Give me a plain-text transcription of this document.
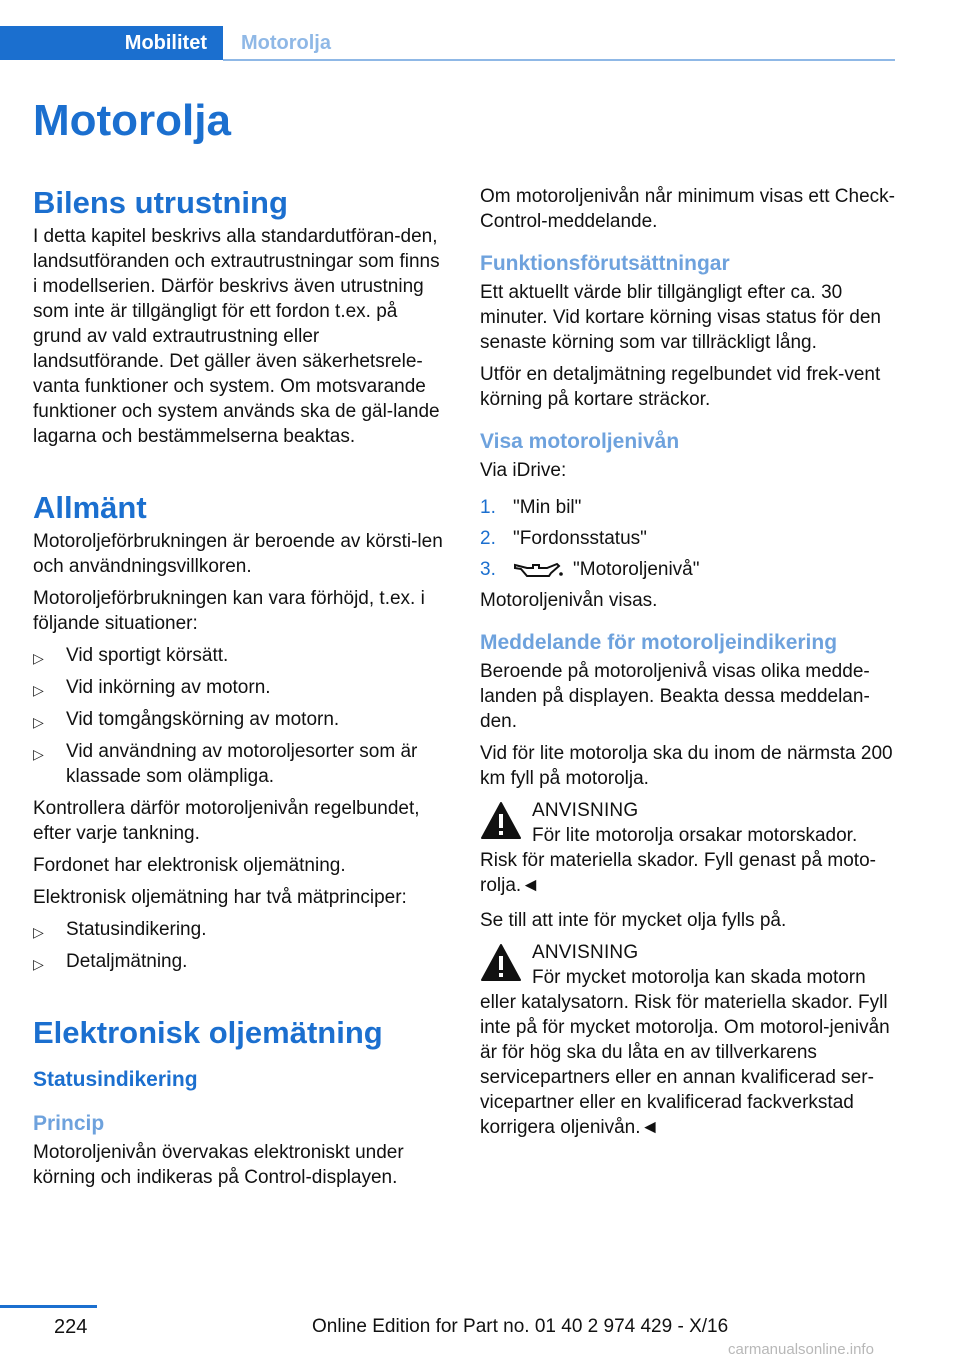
Mobilitet Motorolja
Motorolja
Bilens utrustning

I detta kapitel beskrivs alla standardutföran-den, landsutföranden och extrautrustningar som finns i modellserien. Därför beskrivs även utrustning som inte är tillgängligt för ett fordon t.ex. på grund av vald extrautrustning eller landsutförande. Det gäller även säkerhetsrele-vanta funktioner och system. Om motsvarande funktioner och system används ska de gäl-lande lagarna och bestämmelserna beaktas.

Allmänt

Motoroljeförbrukningen är beroende av körsti-len och användningsvillkoren.

Motoroljeförbrukningen kan vara förhöjd, t.ex. i följande situationer:

▷ Vid sportigt körsätt.
▷ Vid inkörning av motorn.
▷ Vid tomgångskörning av motorn.
▷ Vid användning av motoroljesorter som är klassade som olämpliga.

Kontrollera därför motoroljenivån regelbundet, efter varje tankning.

Fordonet har elektronisk oljemätning.

Elektronisk oljemätning har två mätprinciper:

▷ Statusindikering.
▷ Detaljmätning.
Elektronisk oljemätning
Statusindikering
Princip

Motoroljenivån övervakas elektroniskt under körning och indikeras på Control-displayen.

Om motoroljenivån når minimum visas ett Check-Control-meddelande.

Funktionsförutsättningar

Ett aktuellt värde blir tillgängligt efter ca. 30 minuter. Vid kortare körning visas status för den senaste körning som var tillräckligt lång.

Utför en detaljmätning regelbundet vid frek-vent körning på kortare sträckor.

Visa motoroljenivån

Via iDrive:

1. "Min bil"
2. "Fordonsstatus"
3.	"Motoroljenivå"

Motoroljenivån visas.

Meddelande för motoroljeindikering

Beroende på motoroljenivå visas olika medde-landen på displayen. Beakta dessa meddelan-den.

Vid för lite motorolja ska du inom de närmsta 200 km fyll på motorolja.

ANVISNING
För lite motorolja orsakar motorskador. Risk för materiella skador. Fyll genast på moto-rolja.◄

Se till att inte för mycket olja fylls på.

ANVISNING
För mycket motorolja kan skada motorn eller katalysatorn. Risk för materiella skador. Fyll inte på för mycket motorolja. Om motorol-jenivån är för hög ska du låta en av tillverkarens servicepartners eller en annan kvalificerad ser-vicepartner eller en kvalificerad fackverkstad korrigera oljenivån.◄
224	Online Edition for Part no. 01 40 2 974 429 - X/16
carmanualsonline.info
